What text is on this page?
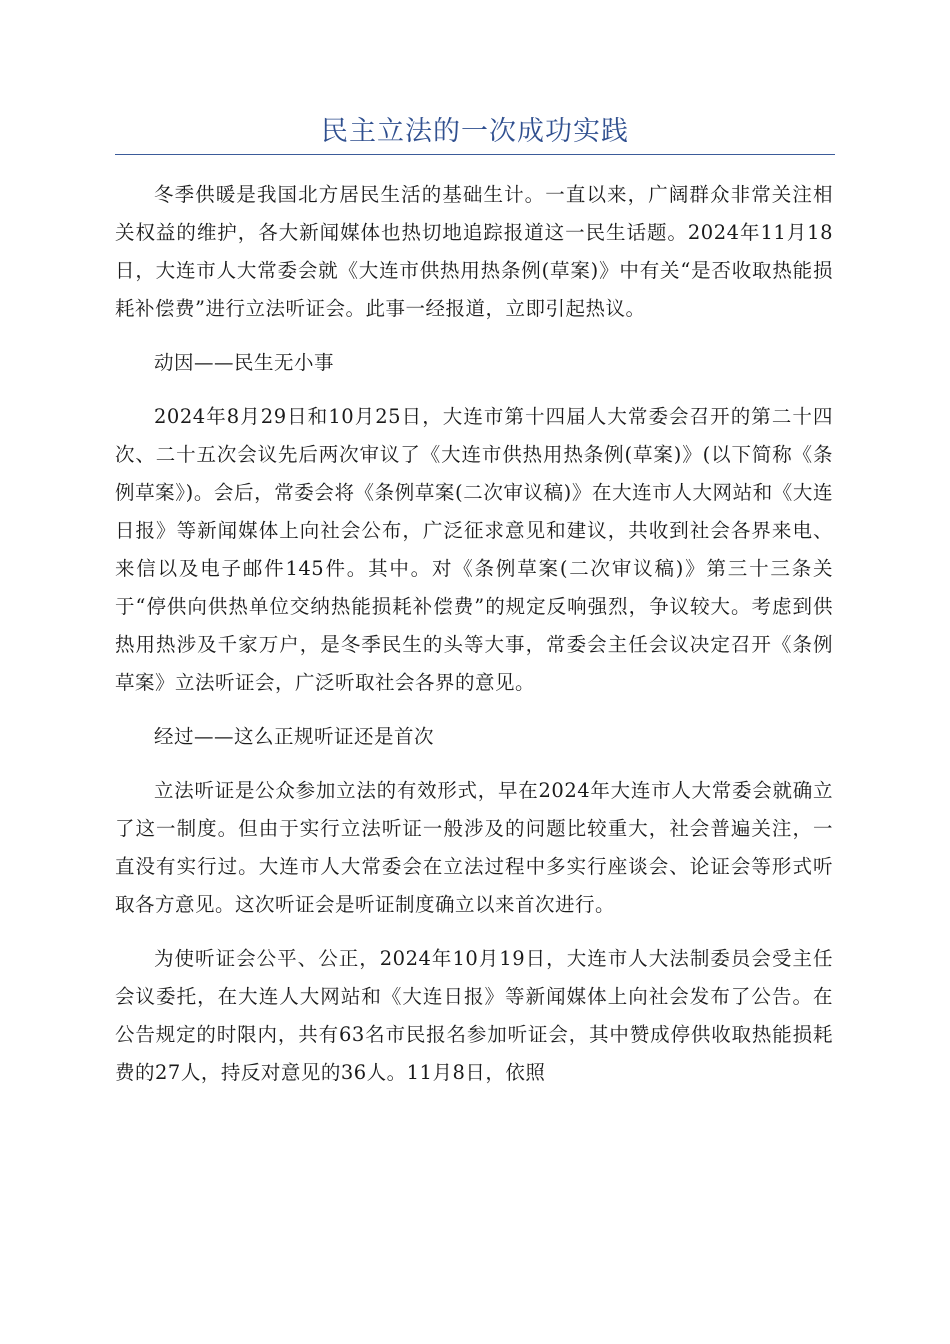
民主立法的一次成功实践

冬季供暖是我国北方居民生活的基础生计。一直以来，广阔群众非常关注相关权益的维护，各大新闻媒体也热切地追踪报道这一民生话题。2024年11月18日，大连市人大常委会就《大连市供热用热条例(草案)》中有关“是否收取热能损耗补偿费”进行立法听证会。此事一经报道，立即引起热议。

动因——民生无小事

2024年8月29日和10月25日，大连市第十四届人大常委会召开的第二十四次、二十五次会议先后两次审议了《大连市供热用热条例(草案)》(以下简称《条例草案》)。会后，常委会将《条例草案(二次审议稿)》在大连市人大网站和《大连日报》等新闻媒体上向社会公布，广泛征求意见和建议，共收到社会各界来电、来信以及电子邮件145件。其中。对《条例草案(二次审议稿)》第三十三条关于“停供向供热单位交纳热能损耗补偿费”的规定反响强烈，争议较大。考虑到供热用热涉及千家万户，是冬季民生的头等大事，常委会主任会议决定召开《条例草案》立法听证会，广泛听取社会各界的意见。

经过——这么正规听证还是首次

立法听证是公众参加立法的有效形式，早在2024年大连市人大常委会就确立了这一制度。但由于实行立法听证一般涉及的问题比较重大，社会普遍关注，一直没有实行过。大连市人大常委会在立法过程中多实行座谈会、论证会等形式听取各方意见。这次听证会是听证制度确立以来首次进行。

为使听证会公平、公正，2024年10月19日，大连市人大法制委员会受主任会议委托，在大连人大网站和《大连日报》等新闻媒体上向社会发布了公告。在公告规定的时限内，共有63名市民报名参加听证会，其中赞成停供收取热能损耗费的27人，持反对意见的36人。11月8日，依照
